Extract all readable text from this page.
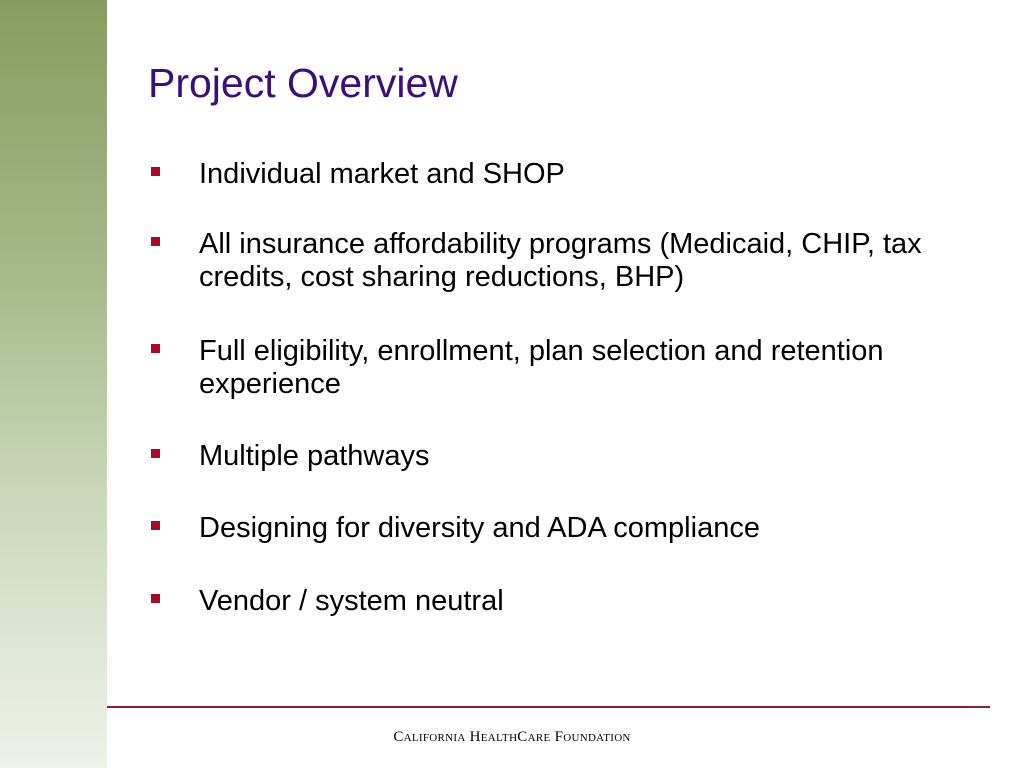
Project Overview
Individual market and SHOP
All insurance affordability programs (Medicaid, CHIP, tax credits, cost sharing reductions, BHP)
Full eligibility, enrollment, plan selection and retention experience
Multiple pathways
Designing for diversity and ADA compliance
Vendor / system neutral
California HealthCare Foundation
